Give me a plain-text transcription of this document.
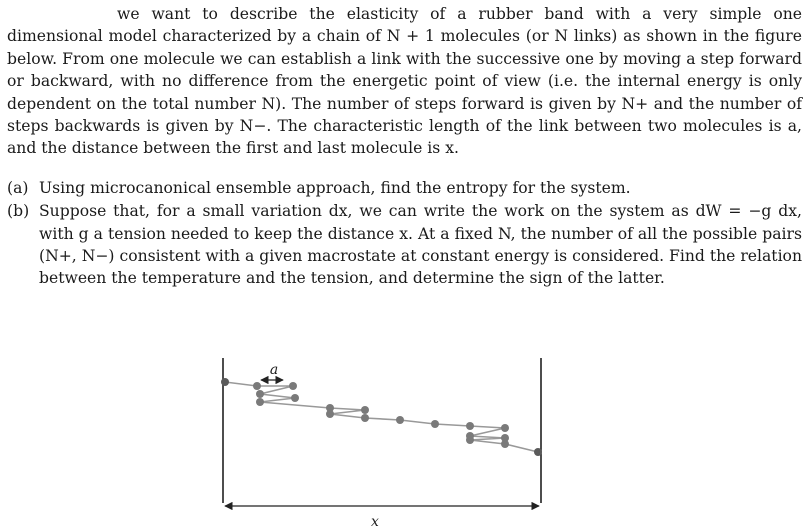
we want to describe the elasticity of a rubber band with a very simple one dimensional model characterized by a chain of N + 1 molecules (or N links) as shown in the figure below. From one molecule we can establish a link with the successive one by moving a step forward or backward, with no difference from the energetic point of view (i.e. the internal energy is only dependent on the total number N). The number of steps forward is given by N+ and the number of steps backwards is given by N−. The characteristic length of the link between two molecules is a, and the distance between the first and last molecule is x.

(a) Using microcanonical ensemble approach, find the entropy for the system.
(b) Suppose that, for a small variation dx, we can write the work on the system as dW = −g dx, with g a tension needed to keep the distance x. At a fixed N, the number of all the possible pairs (N+, N−) consistent with a given macrostate at constant energy is considered. Find the relation between the temperature and the tension, and determine the sign of the latter.
a
x
